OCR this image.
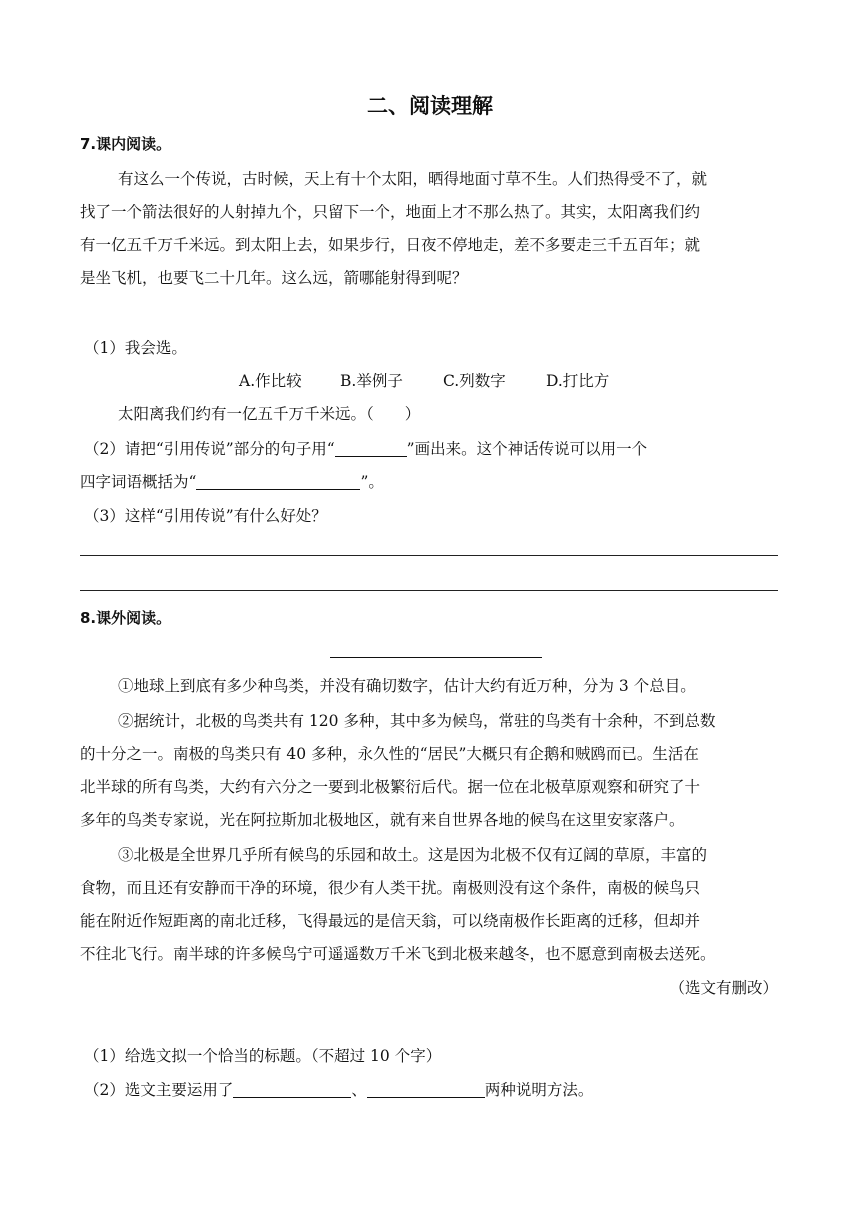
二、阅读理解
7.课内阅读。
有这么一个传说，古时候，天上有十个太阳，晒得地面寸草不生。人们热得受不了，就
找了一个箭法很好的人射掉九个，只留下一个，地面上才不那么热了。其实，太阳离我们约
有一亿五千万千米远。到太阳上去，如果步行，日夜不停地走，差不多要走三千五百年；就
是坐飞机，也要飞二十几年。这么远，箭哪能射得到呢？
（1）我会选。
A.作比较 B.举例子	C.列数字	D.打比方
太阳离我们约有一亿五千万千米远。（　　）
（2）请把“引用传说”部分的句子用“	”画出来。这个神话传说可以用一个
四字词语概括为“	”。
（3）这样“引用传说”有什么好处？
8.课外阅读。
①地球上到底有多少种鸟类，并没有确切数字，估计大约有近万种，分为 3 个总目。
②据统计，北极的鸟类共有 120 多种，其中多为候鸟，常驻的鸟类有十余种，不到总数
的十分之一。南极的鸟类只有 40 多种，永久性的“居民”大概只有企鹅和贼鸥而已。生活在
北半球的所有鸟类，大约有六分之一要到北极繁衍后代。据一位在北极草原观察和研究了十
多年的鸟类专家说，光在阿拉斯加北极地区，就有来自世界各地的候鸟在这里安家落户。
③北极是全世界几乎所有候鸟的乐园和故土。这是因为北极不仅有辽阔的草原，丰富的
食物，而且还有安静而干净的环境，很少有人类干扰。南极则没有这个条件，南极的候鸟只
能在附近作短距离的南北迁移，飞得最远的是信天翁，可以绕南极作长距离的迁移，但却并
不往北飞行。南半球的许多候鸟宁可遥遥数万千米飞到北极来越冬，也不愿意到南极去送死。
（选文有删改）
（1）给选文拟一个恰当的标题。（不超过 10 个字）
（2）选文主要运用了	、	两种说明方法。
